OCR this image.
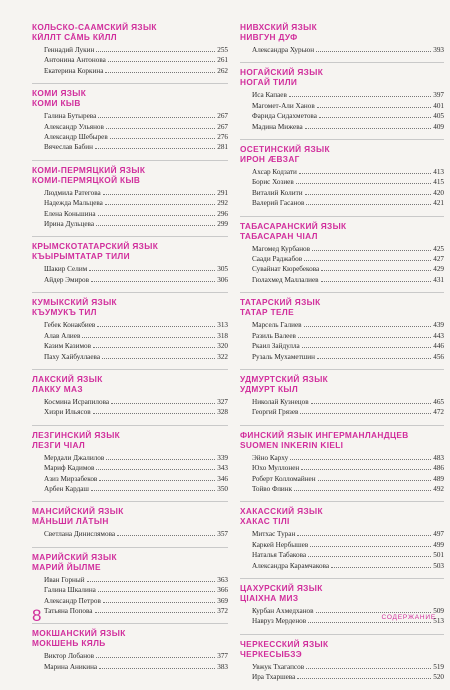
КОЛЬСКО-СААМСКИЙ ЯЗЫК
КӢЛЛТ СА̄МЬ КӢЛЛ
Геннадий Лукин	255
Антонина Антонова	261
Екатерина Коркина	262
КОМИ ЯЗЫК
КОМИ КЫВ
Галина Бутырева	267
Александр Ульянов	267
Александр Шебырев	276
Вячеслав Бабин	281
КОМИ-ПЕРМЯЦКИЙ ЯЗЫК
КОМИ-ПЕРМЯЦКОЙ КЫВ
Людмила Ратегова	291
Надежда Мальцева	292
Елена Коньшина	296
Ирина Дульцева	299
КРЫМСКОТАТАРСКИЙ ЯЗЫК
КЪЫРЫМТАТАР ТИЛИ
Шакир Селим	305
Айдер Эмиров	306
КУМЫКСКИЙ ЯЗЫК
КЪУМУКЪ ТИЛ
Гебек Конакбиев	313
Алав Алиев	318
Казим Казимов	320
Паху Хайбуллаева	322
ЛАКСКИЙ ЯЗЫК
ЛАККУ МАЗ
Космина Исрапилова	327
Хизри Ильясов	328
ЛЕЗГИНСКИЙ ЯЗЫК
ЛЕЗГИ ЧІАЛ
Мердали Джалилов	339
Мариф Кадимов	343
Азиз Мирзабеков	346
Арбен Кардаш	350
МАНСИЙСКИЙ ЯЗЫК
МА̄НЬШИ ЛА̄ТЫН
Светлана Динислямова	357
МАРИЙСКИЙ ЯЗЫК
МАРИЙ ЙЫЛМЕ
Иван Горный	363
Галина Шкалина	366
Александр Петров	369
Татьяна Попова	372
МОКШАНСКИЙ ЯЗЫК
МОКШЕНЬ КЯЛЬ
Виктор Лобанов	377
Марина Аникина	383
НИВХСКИЙ ЯЗЫК
НИВГУН ДУФ
Александра Хурьюн	393
НОГАЙСКИЙ ЯЗЫК
НОГАЙ ТИЛИ
Иса Капаев	397
Магомет-Али Ханов	401
Фарида Сидахметова	405
Мадина Мижева	409
ОСЕТИНСКИЙ ЯЗЫК
ИРОН ÆВЗАГ
Ахсар Кодзати	413
Борис Хозиев	415
Виталий Колити	420
Валерий Гасанов	421
ТАБАСАРАНСКИЙ ЯЗЫК
ТАБАСАРАН ЧІАЛ
Магомед Курбанов	425
Саади Раджабов	427
Сувайнат Кюребекова	429
Гюлахмед Маллалиев	431
ТАТАРСКИЙ ЯЗЫК
ТАТАР ТЕЛЕ
Марсель Галиев	439
Разиль Валеев	443
Ркаил Зайдулла	446
Рузаль Мухаметшин	456
УДМУРТСКИЙ ЯЗЫК
УДМУРТ КЫЛ
Николай Кузнецов	465
Георгий Грязев	472
ФИНСКИЙ ЯЗЫК ИНГЕРМАНЛАНДЦЕВ
SUOMEN INKERIN KIELI
Эйно Карху	483
Юхо Муллонен	486
Роберт Колломайнен	489
Тойво Флинк	492
ХАКАССКИЙ ЯЗЫК
ХАКАС ТІЛІ
Митхас Туран	497
Каркей Нербышев	499
Наталья Табакова	501
Александра Карамчакова	503
ЦАХУРСКИЙ ЯЗЫК
ЦІАІХНА МИЗ
Курбан Ахмедханов	509
Навруз Мерденов	513
ЧЕРКЕССКИЙ ЯЗЫК
ЧЕРКЕСЫБЗЭ
Увжук Тхагапсов	519
Ира Тхаршева	520
8	СОДЕРЖАНИЕ
